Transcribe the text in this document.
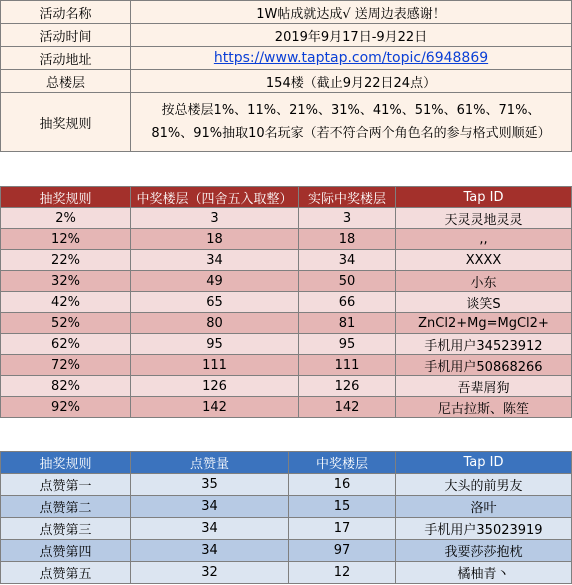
活动名称	1W帖成就达成√ 送周边表感谢！
活动时间	2019年9月17日-9月22日
活动地址	https://www.taptap.com/topic/6948869
总楼层	154楼（截止9月22日24点）
抽奖规则	按总楼层1%、11%、21%、31%、41%、51%、61%、71%、81%、91%抽取10名玩家（若不符合两个角色名的参与格式则顺延）
抽奖规则	中奖楼层（四舍五入取整）	实际中奖楼层	Tap ID
2%	3	3	天灵灵地灵灵
12%	18	18	,,
22%	34	34	XXXX
32%	49	50	小东
42%	65	66	谈笑S
52%	80	81	ZnCl2+Mg=MgCl2+
62%	95	95	手机用户34523912
72%	111	111	手机用户50868266
82%	126	126	吾辈屑狗
92%	142	142	尼古拉斯、陈笙
抽奖规则	点赞量	中奖楼层	Tap ID
点赞第一	35	16	大头的前男友
点赞第二	34	15	洛叶
点赞第三	34	17	手机用户35023919
点赞第四	34	97	我要莎莎抱枕
点赞第五	32	12	橘柚青丶
